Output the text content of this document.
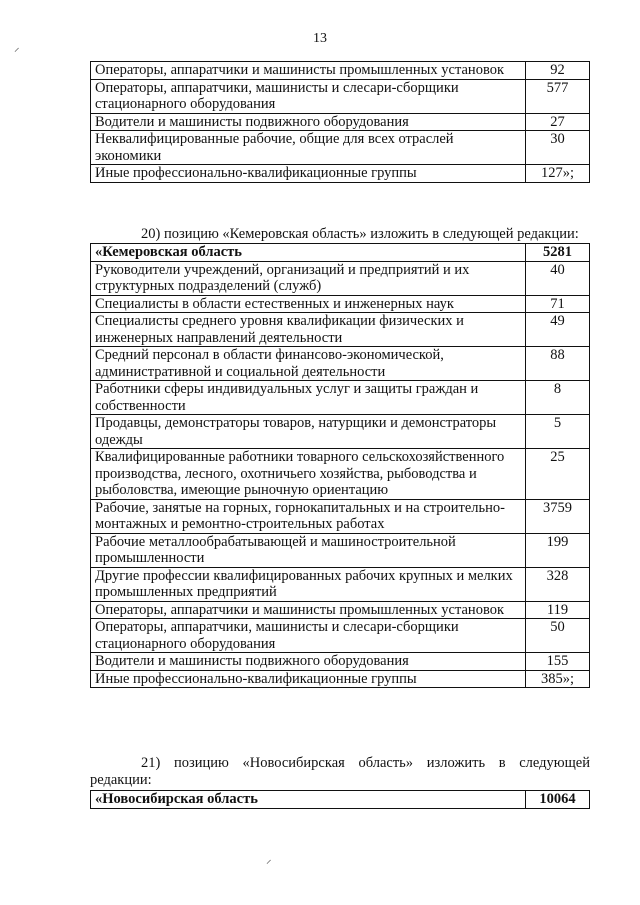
13
Операторы, аппаратчики и машинисты промышленных установок	92
Операторы, аппаратчики, машинисты и слесари-сборщики стационарного оборудования	577
Водители и машинисты подвижного оборудования	27
Неквалифицированные рабочие, общие для всех отраслей экономики	30
Иные профессионально-квалификационные группы	127»;
20) позицию «Кемеровская область» изложить в следующей редакции:
«Кемеровская область	5281
Руководители учреждений, организаций и предприятий и их структурных подразделений (служб)	40
Специалисты в области естественных и инженерных наук	71
Специалисты среднего уровня квалификации физических и инженерных направлений деятельности	49
Средний персонал в области финансово-экономической, административной и социальной деятельности	88
Работники сферы индивидуальных услуг и защиты граждан и собственности	8
Продавцы, демонстраторы товаров, натурщики и демонстраторы одежды	5
Квалифицированные работники товарного сельскохозяйственного производства, лесного, охотничьего хозяйства, рыбоводства и рыболовства, имеющие рыночную ориентацию	25
Рабочие, занятые на горных, горнокапитальных и на строительно-монтажных и ремонтно-строительных работах	3759
Рабочие металлообрабатывающей и машиностроительной промышленности	199
Другие профессии квалифицированных рабочих крупных и мелких промышленных предприятий	328
Операторы, аппаратчики и машинисты промышленных установок	119
Операторы, аппаратчики, машинисты и слесари-сборщики стационарного оборудования	50
Водители и машинисты подвижного оборудования	155
Иные профессионально-квалификационные группы	385»;
21) позицию «Новосибирская область» изложить в следующей редакции:
«Новосибирская область	10064
⸝
⸝
